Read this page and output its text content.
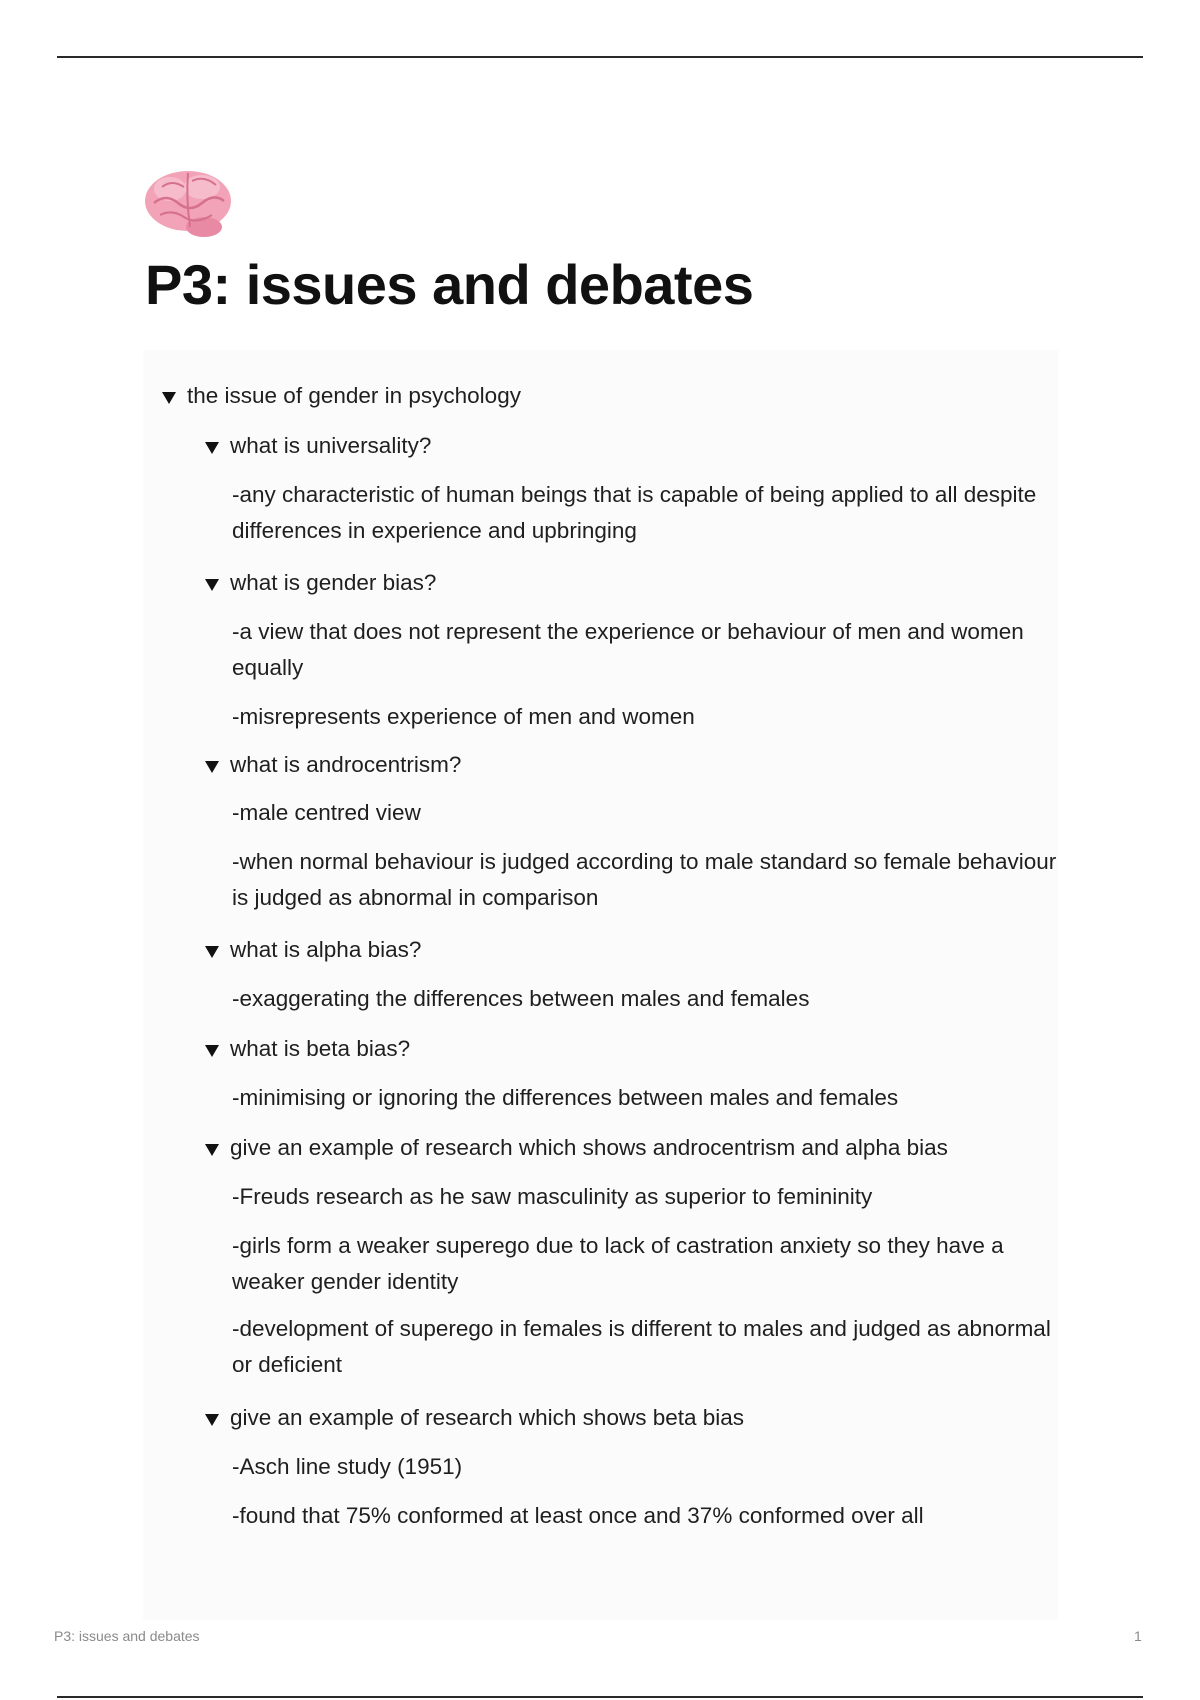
P3: issues and debates
the issue of gender in psychology
what is universality?

-any characteristic of human beings that is capable of being applied to all despite differences in experience and upbringing

what is gender bias?

-a view that does not represent the experience or behaviour of men and women equally

-misrepresents experience of men and women

what is androcentrism?

-male centred view

-when normal behaviour is judged according to male standard so female behaviour is judged as abnormal in comparison

what is alpha bias?

-exaggerating the differences between males and females

what is beta bias?

-minimising or ignoring the differences between males and females

give an example of research which shows androcentrism and alpha bias

-Freuds research as he saw masculinity as superior to femininity

-girls form a weaker superego due to lack of castration anxiety so they have a weaker gender identity

-development of superego in females is different to males and judged as abnormal or deficient

give an example of research which shows beta bias

-Asch line study (1951)

-found that 75% conformed at least once and 37% conformed over all

P3: issues and debates	1
